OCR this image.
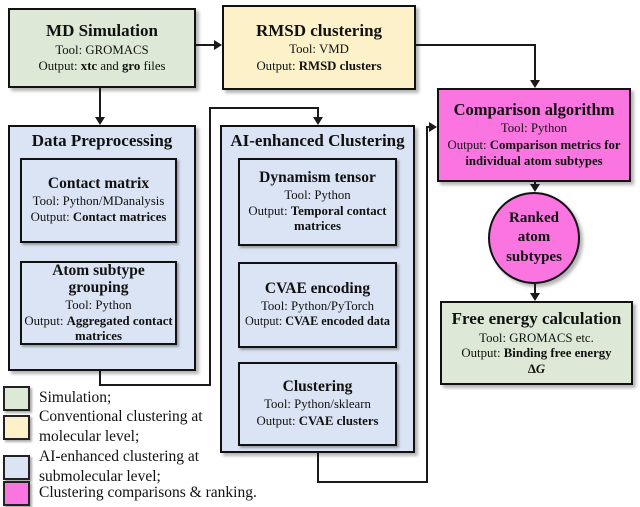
MD Simulation
Tool: GROMACS
Output: xtc and gro files
RMSD clustering
Tool: VMD
Output: RMSD clusters
Data Preprocessing
Contact matrix
Tool: Python/MDanalysis
Output: Contact matrices
Atom subtype grouping
Tool: Python
Output: Aggregated contact matrices
AI-enhanced Clustering
Dynamism tensor
Tool: Python
Output: Temporal contact matrices
CVAE encoding
Tool: Python/PyTorch
Output: CVAE encoded data
Clustering
Tool: Python/sklearn
Output: CVAE clusters
Comparison algorithm
Tool: Python
Output: Comparison metrics for individual atom subtypes
Ranked atom subtypes
Free energy calculation
Tool: GROMACS etc.
Output: Binding free energy
ΔG
Simulation;
Conventional clustering at molecular level;
AI-enhanced clustering at submolecular level;
Clustering comparisons & ranking.
